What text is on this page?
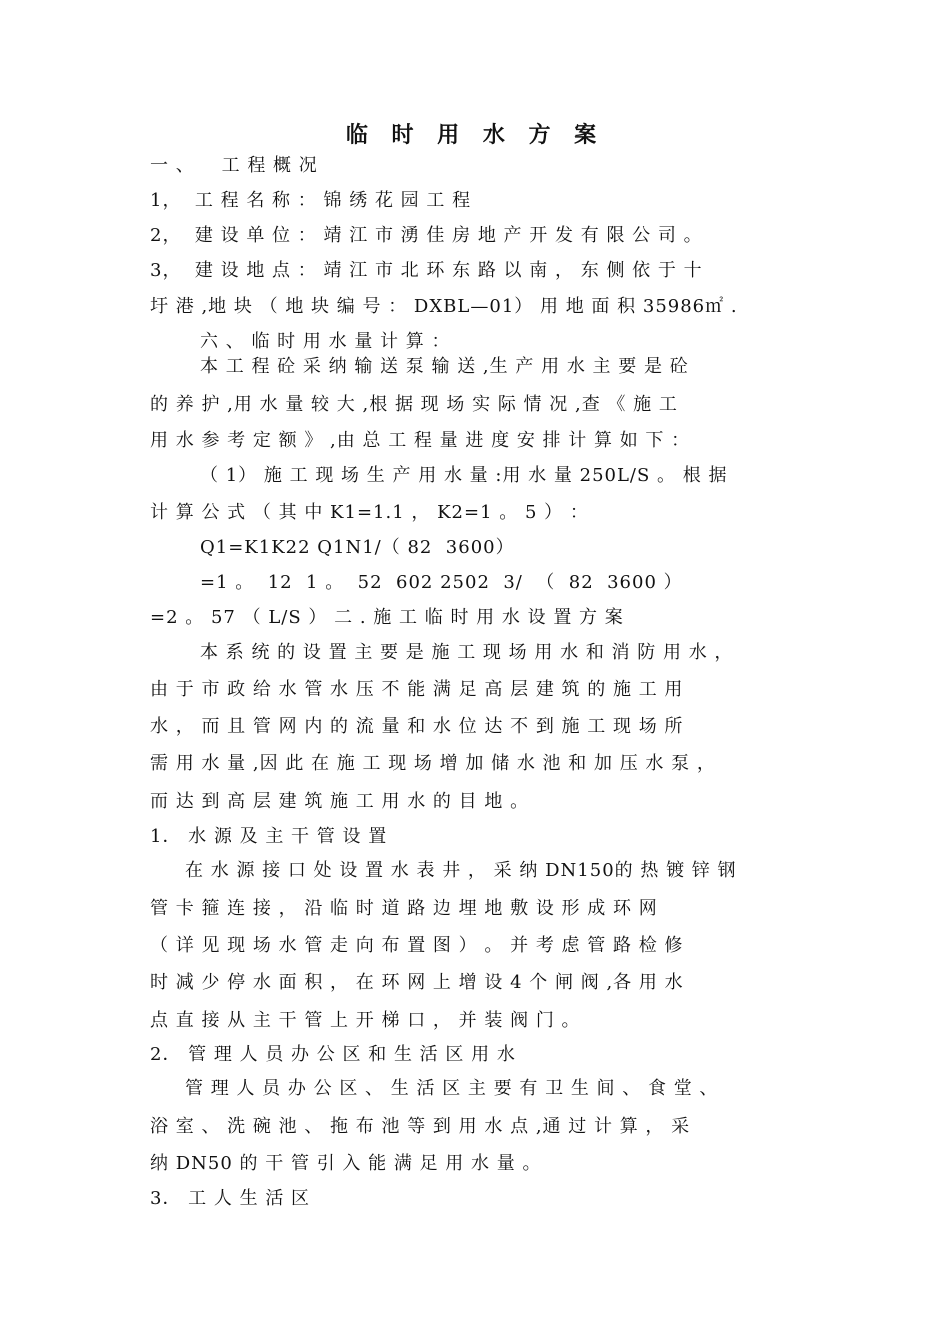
临 时 用 水 方 案
一 、    工 程 概 况
1，  工 程 名 称 ： 锦 绣 花 园 工 程
2，  建 设 单 位 ： 靖 江 市 湧 佳 房 地 产 开 发 有 限 公 司 。
3，  建 设 地 点 ： 靖 江 市 北 环 东 路 以 南 ， 东 侧 依 于 十
圩 港 ,地 块 （ 地 块 编 号 ： DXBL—01） 用 地 面 积 35986㎡ .
六 、 临 时 用 水 量 计 算 ：
本 工 程 砼 采 纳 输 送 泵 输 送 ,生 产 用 水 主 要 是 砼
的 养 护 ,用 水 量 较 大 ,根 据 现 场 实 际 情 况 ,查 《 施 工
用 水 参 考 定 额 》 ,由 总 工 程 量 进 度 安 排 计 算 如 下 ：
（ 1） 施 工 现 场 生 产 用 水 量 :用 水 量 250L/S 。 根 据
计 算 公 式 （ 其 中 K1=1.1 ， K2=1 。 5 ） ：
Q1=K1K22 Q1N1/（ 82  3600）
=1 。  12  1 。  52  602 2502  3/  （  82  3600 ）
=2 。 57 （ L/S ） 二 . 施 工 临 时 用 水 设 置 方 案
本 系 统 的 设 置 主 要 是 施 工 现 场 用 水 和 消 防 用 水 ，
由 于 市 政 给 水 管 水 压 不 能 满 足 高 层 建 筑 的 施 工 用
水 ， 而 且 管 网 内 的 流 量 和 水 位 达 不 到 施 工 现 场 所
需 用 水 量 ,因 此 在 施 工 现 场 增 加 储 水 池 和 加 压 水 泵 ，
而 达 到 高 层 建 筑 施 工 用 水 的 目 地 。
1． 水 源 及 主 干 管 设 置
在 水 源 接 口 处 设 置 水 表 井 ， 采 纳 DN150的 热 镀 锌 钢
管 卡 箍 连 接 ， 沿 临 时 道 路 边 埋 地 敷 设 形 成 环 网
（ 详 见 现 场 水 管 走 向 布 置 图 ） 。 并 考 虑 管 路 检 修
时 减 少 停 水 面 积 ， 在 环 网 上 增 设 4 个 闸 阀 ,各 用 水
点 直 接 从 主 干 管 上 开 梯 口 ， 并 装 阀 门 。
2． 管 理 人 员 办 公 区 和 生 活 区 用 水
管 理 人 员 办 公 区 、 生 活 区 主 要 有 卫 生 间 、 食 堂 、
浴 室 、 洗 碗 池 、 拖 布 池 等 到 用 水 点 ,通 过 计 算 ， 采
纳 DN50 的 干 管 引 入 能 满 足 用 水 量 。
3． 工 人 生 活 区
